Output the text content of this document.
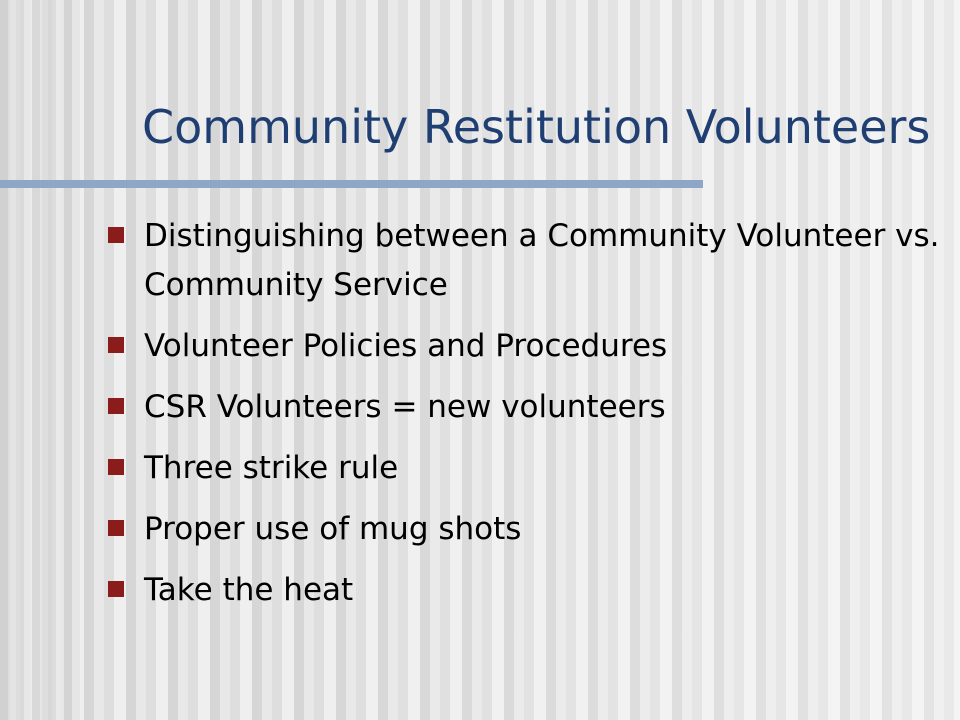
Community Restitution Volunteers
Distinguishing between a Community Volunteer vs. Community Service
Volunteer Policies and Procedures
CSR Volunteers = new volunteers
Three strike rule
Proper use of mug shots
Take the heat
